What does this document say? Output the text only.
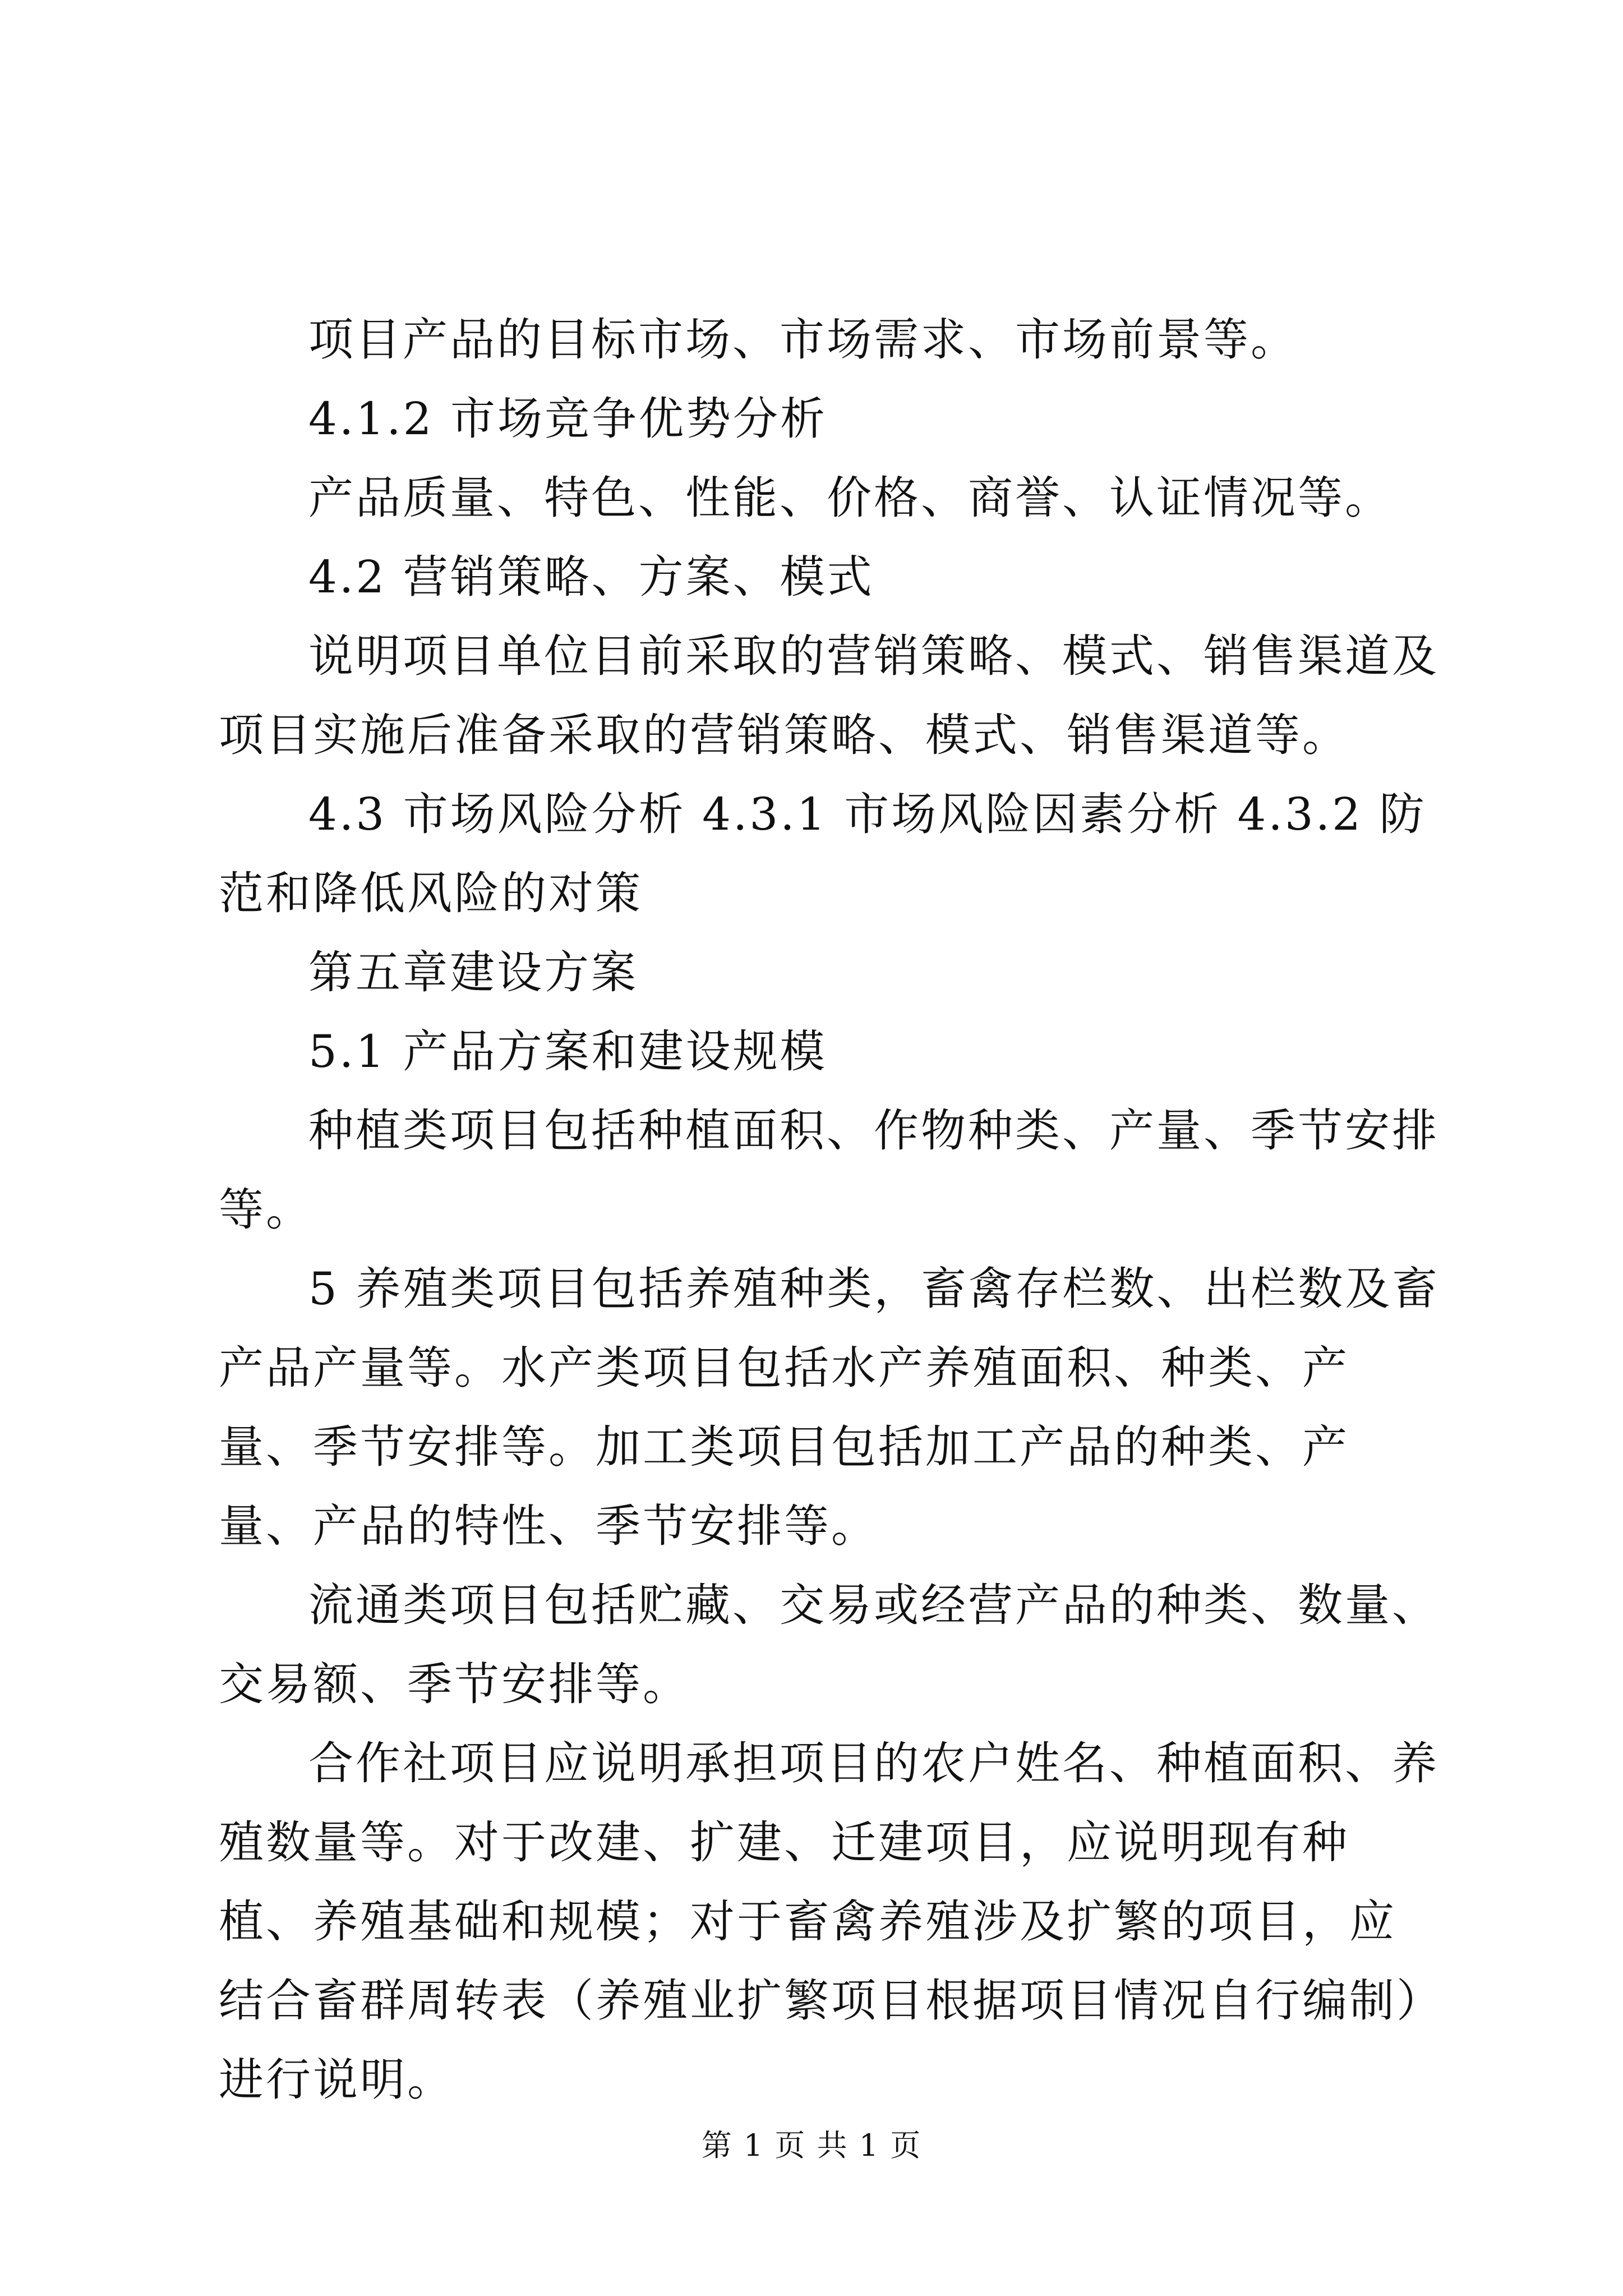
项目产品的目标市场、市场需求、市场前景等。

4.1.2 市场竞争优势分析

产品质量、特色、性能、价格、商誉、认证情况等。

4.2 营销策略、方案、模式

说明项目单位目前采取的营销策略、模式、销售渠道及项目实施后准备采取的营销策略、模式、销售渠道等。

4.3 市场风险分析 4.3.1 市场风险因素分析 4.3.2 防范和降低风险的对策

第五章建设方案

5.1 产品方案和建设规模

种植类项目包括种植面积、作物种类、产量、季节安排等。

5 养殖类项目包括养殖种类，畜禽存栏数、出栏数及畜产品产量等。水产类项目包括水产养殖面积、种类、产量、季节安排等。加工类项目包括加工产品的种类、产量、产品的特性、季节安排等。

流通类项目包括贮藏、交易或经营产品的种类、数量、交易额、季节安排等。

合作社项目应说明承担项目的农户姓名、种植面积、养殖数量等。对于改建、扩建、迁建项目，应说明现有种植、养殖基础和规模；对于畜禽养殖涉及扩繁的项目，应结合畜群周转表（养殖业扩繁项目根据项目情况自行编制）进行说明。

第 1 页 共 1 页
